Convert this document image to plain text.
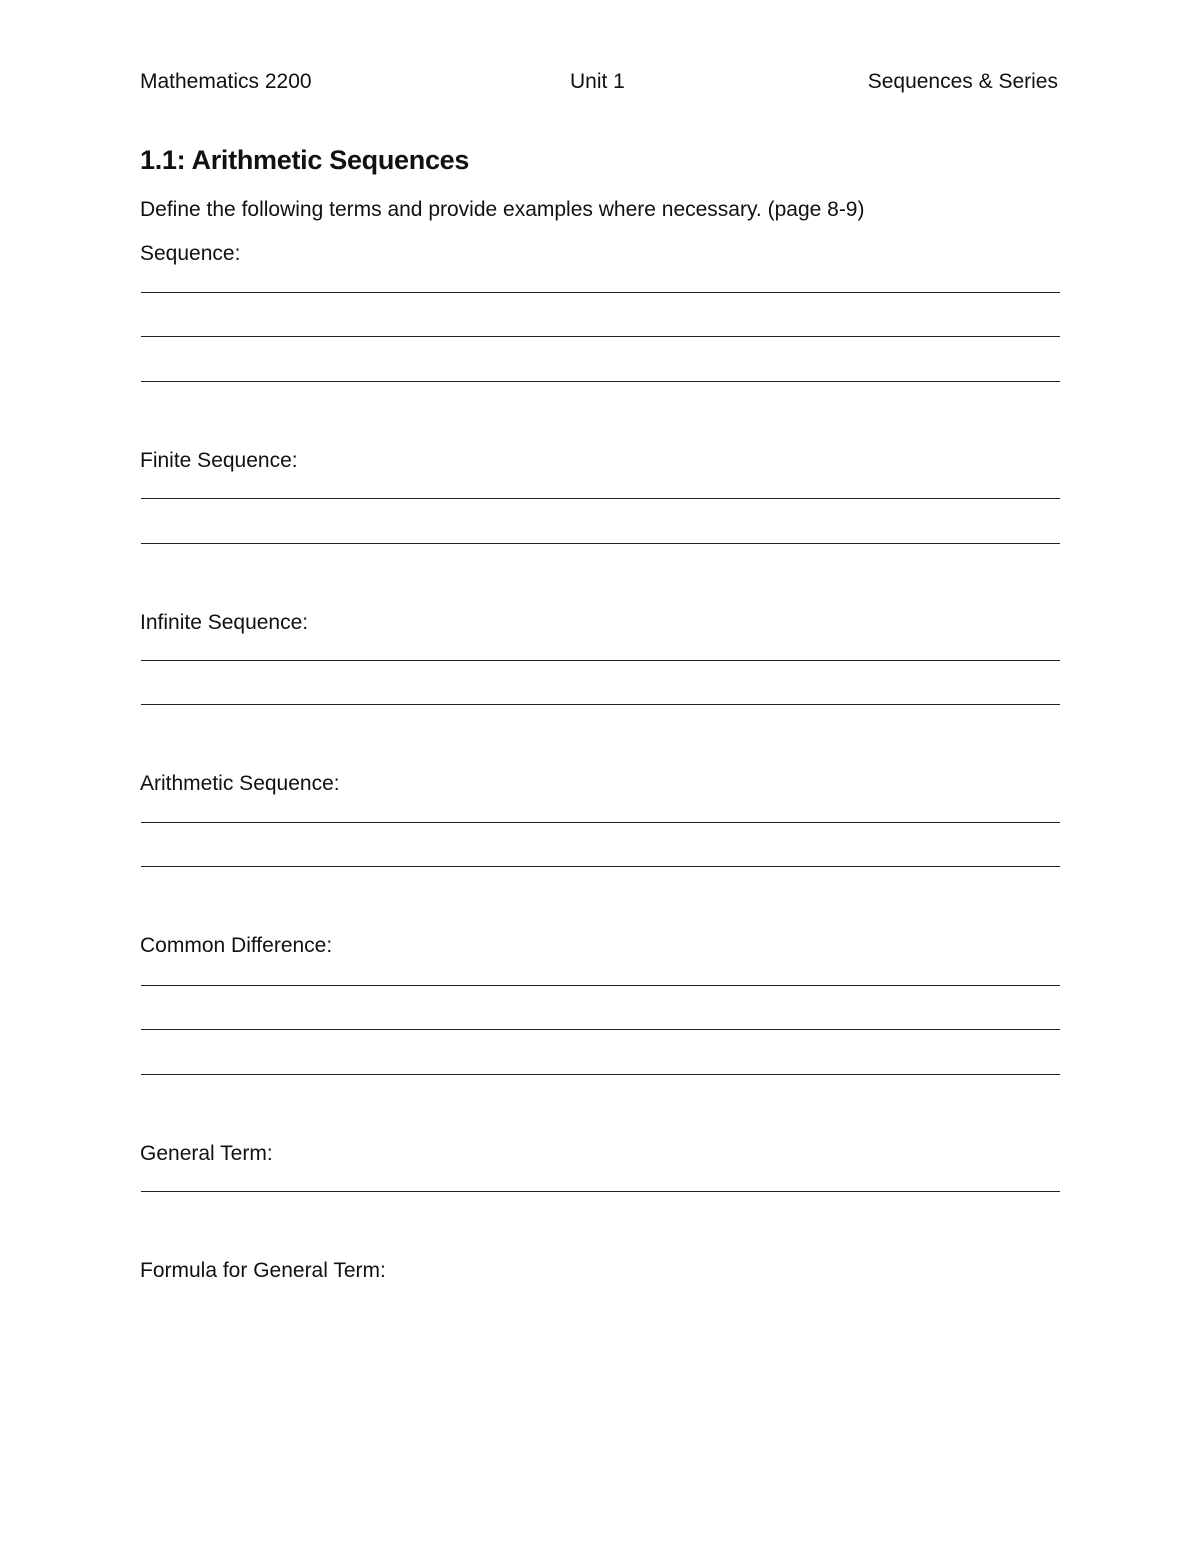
Mathematics 2200	Unit 1	Sequences & Series
1.1: Arithmetic Sequences
Define the following terms and provide examples where necessary. (page 8-9)
Sequence:
Finite Sequence:
Infinite Sequence:
Arithmetic Sequence:
Common Difference:
General Term:
Formula for General Term:
